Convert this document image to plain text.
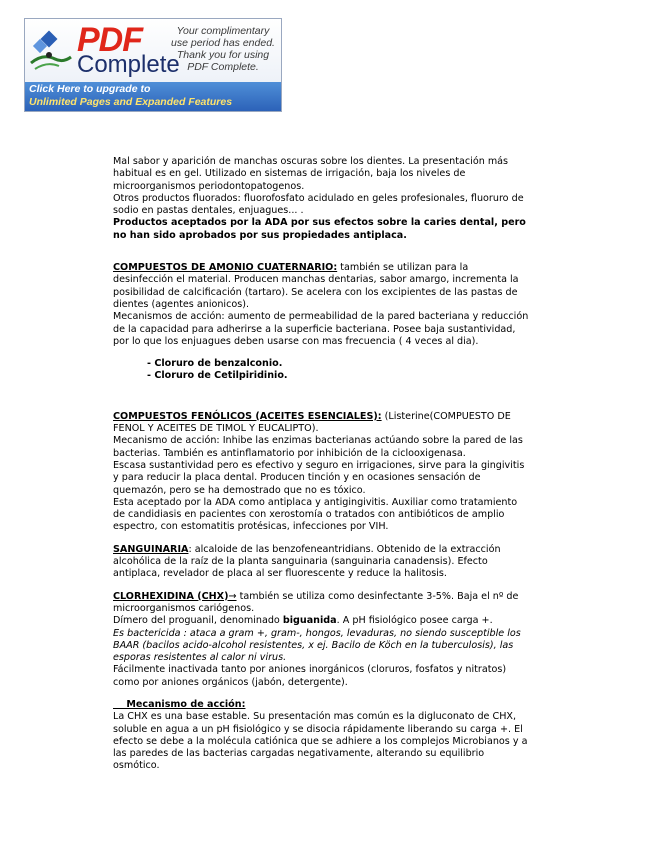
PDF
Complete
Your complimentary
use period has ended.
Thank you for using
PDF Complete.
Click Here to upgrade to
Unlimited Pages and Expanded Features

Mal sabor y aparición de manchas oscuras sobre los dientes. La presentación más

habitual es en gel. Utilizado en sistemas de irrigación, baja los niveles de

microorganismos periodontopatogenos.

Otros productos fluorados: fluorofosfato acidulado en geles profesionales, fluoruro de

sodio en pastas dentales, enjuagues... .

Productos aceptados por la ADA por sus efectos sobre la caries dental, pero

no han sido aprobados por sus propiedades antiplaca.

COMPUESTOS DE AMONIO CUATERNARIO: también se utilizan para la

desinfección el material. Producen manchas dentarias, sabor amargo, incrementa la

posibilidad de calcificación (tartaro). Se acelera con los excipientes de las pastas de

dientes (agentes anionicos).

Mecanismos de acción: aumento de permeabilidad de la pared bacteriana y reducción

de la capacidad para adherirse a la superficie bacteriana. Posee baja sustantividad,

por lo que los enjuagues deben usarse con mas frecuencia ( 4 veces al dia).

- Cloruro de benzalconio.

- Cloruro de Cetilpiridinio.

COMPUESTOS FENÓLICOS (ACEITES ESENCIALES): (Listerine(COMPUESTO DE

FENOL Y ACEITES DE TIMOL Y EUCALIPTO).

Mecanismo de acción: Inhibe las enzimas bacterianas actúando sobre la pared de las

bacterias. También es antinflamatorio por inhibición de la ciclooxigenasa.

Escasa sustantividad pero es efectivo y seguro en irrigaciones, sirve para la gingivitis

y para reducir la placa dental. Producen tinción y en ocasiones sensación de

quemazón, pero se ha demostrado que no es tóxico.

Esta aceptado por la ADA como antiplaca y antigingivitis. Auxiliar como tratamiento

de candidiasis en pacientes con xerostomía o tratados con antibióticos de amplio

espectro, con estomatitis protésicas, infecciones por VIH.

SANGUINARIA: alcaloide de las benzofeneantridians. Obtenido de la extracción

alcohólica de la raíz de la planta sanguinaria (sanguinaria canadensis). Efecto

antiplaca, revelador de placa al ser fluorescente y reduce la halitosis.

CLORHEXIDINA (CHX)→ también se utiliza como desinfectante 3-5%. Baja el nº de

microorganismos cariógenos.

Dímero del proguanil, denominado biguanida. A pH fisiológico posee carga +.

Es bactericida : ataca a gram +, gram-, hongos, levaduras, no siendo susceptible los

BAAR (bacilos acido-alcohol resistentes, x ej. Bacilo de Köch en la tuberculosis), las

esporas resistentes al calor ni virus.

Fácilmente inactivada tanto por aniones inorgánicos (cloruros, fosfatos y nitratos)

como por aniones orgánicos (jabón, detergente).

Mecanismo de acción:

La CHX es una base estable. Su presentación mas común es la digluconato de CHX,

soluble en agua a un pH fisiológico y se disocia rápidamente liberando su carga +. El

efecto se debe a la molécula catiónica que se adhiere a los complejos Microbianos y a

las paredes de las bacterias cargadas negativamente, alterando su equilibrio

osmótico.
